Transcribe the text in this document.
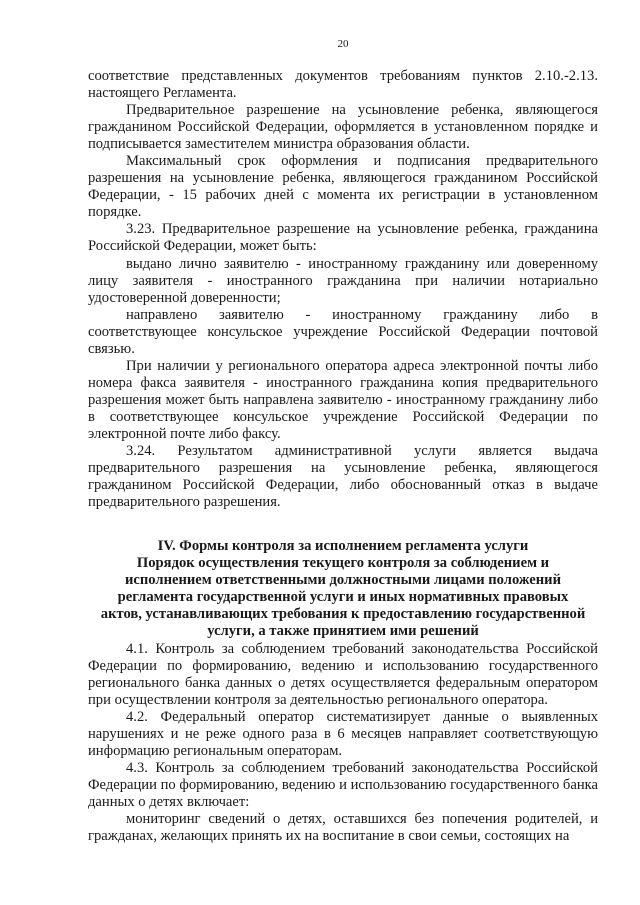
20

соответствие представленных документов требованиям пунктов 2.10.-2.13. настоящего Регламента.

Предварительное разрешение на усыновление ребенка, являющегося гражданином Российской Федерации, оформляется в установленном порядке и подписывается заместителем министра образования области.

Максимальный срок оформления и подписания предварительного разрешения на усыновление ребенка, являющегося гражданином Российской Федерации, - 15 рабочих дней с момента их регистрации в установленном порядке.

3.23. Предварительное разрешение на усыновление ребенка, гражданина Российской Федерации, может быть:

выдано лично заявителю - иностранному гражданину или доверенному лицу заявителя - иностранного гражданина при наличии нотариально удостоверенной доверенности;

направлено заявителю - иностранному гражданину либо в соответствующее консульское учреждение Российской Федерации почтовой связью.

При наличии у регионального оператора адреса электронной почты либо номера факса заявителя - иностранного гражданина копия предварительного разрешения может быть направлена заявителю - иностранному гражданину либо в соответствующее консульское учреждение Российской Федерации по электронной почте либо факсу.

3.24. Результатом административной услуги является выдача предварительного разрешения на усыновление ребенка, являющегося гражданином Российской Федерации, либо обоснованный отказ в выдаче предварительного разрешения.

IV. Формы контроля за исполнением регламента услуги
Порядок осуществления текущего контроля за соблюдением и
исполнением ответственными должностными лицами положений
регламента государственной услуги и иных нормативных правовых
актов, устанавливающих требования к предоставлению государственной
услуги, а также принятием ими решений

4.1. Контроль за соблюдением требований законодательства Российской Федерации по формированию, ведению и использованию государственного регионального банка данных о детях осуществляется федеральным оператором при осуществлении контроля за деятельностью регионального оператора.

4.2. Федеральный оператор систематизирует данные о выявленных нарушениях и не реже одного раза в 6 месяцев направляет соответствующую информацию региональным операторам.

4.3. Контроль за соблюдением требований законодательства Российской Федерации по формированию, ведению и использованию государственного банка данных о детях включает:

мониторинг сведений о детях, оставшихся без попечения родителей, и гражданах, желающих принять их на воспитание в свои семьи, состоящих на
